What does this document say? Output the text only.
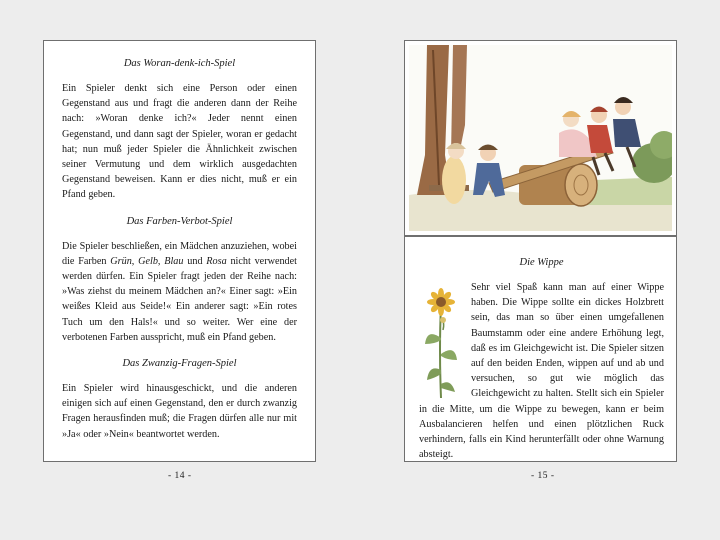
Das Woran-denk-ich-Spiel

Ein Spieler denkt sich eine Person oder einen Gegenstand aus und fragt die anderen dann der Reihe nach: »Woran denke ich?« Jeder nennt einen Gegenstand, und dann sagt der Spieler, woran er gedacht hat; nun muß jeder Spieler die Ähnlichkeit zwischen seiner Vermutung und dem wirklich ausgedachten Gegenstand beweisen. Kann er dies nicht, muß er ein Pfand geben.

Das Farben-Verbot-Spiel

Die Spieler beschließen, ein Mädchen anzuziehen, wobei die Farben Grün, Gelb, Blau und Rosa nicht verwendet werden dürfen. Ein Spieler fragt jeden der Reihe nach: »Was ziehst du meinem Mädchen an?« Einer sagt: »Ein weißes Kleid aus Seide!« Ein anderer sagt: »Ein rotes Tuch um den Hals!« und so weiter. Wer eine der verbotenen Farben ausspricht, muß ein Pfand geben.

Das Zwanzig-Fragen-Spiel

Ein Spieler wird hinausgeschickt, und die anderen einigen sich auf einen Gegenstand, den er durch zwanzig Fragen herausfinden muß; die Fragen dürfen alle nur mit »Ja« oder »Nein« beantwortet werden.

- 14 -
Die Wippe

Sehr viel Spaß kann man auf einer Wippe haben. Die Wippe sollte ein dickes Holzbrett sein, das man so über einen umgefallenen Baumstamm oder eine andere Erhöhung legt, daß es im Gleichgewicht ist. Die Spieler sitzen auf den beiden Enden, wippen auf und ab und versuchen, so gut wie möglich das Gleichgewicht zu halten. Stellt sich ein Spieler in die Mitte, um die Wippe zu bewegen, kann er beim Ausbalancieren helfen und einen plötzlichen Ruck verhindern, falls ein Kind herunterfällt oder ohne Warnung absteigt.

- 15 -
